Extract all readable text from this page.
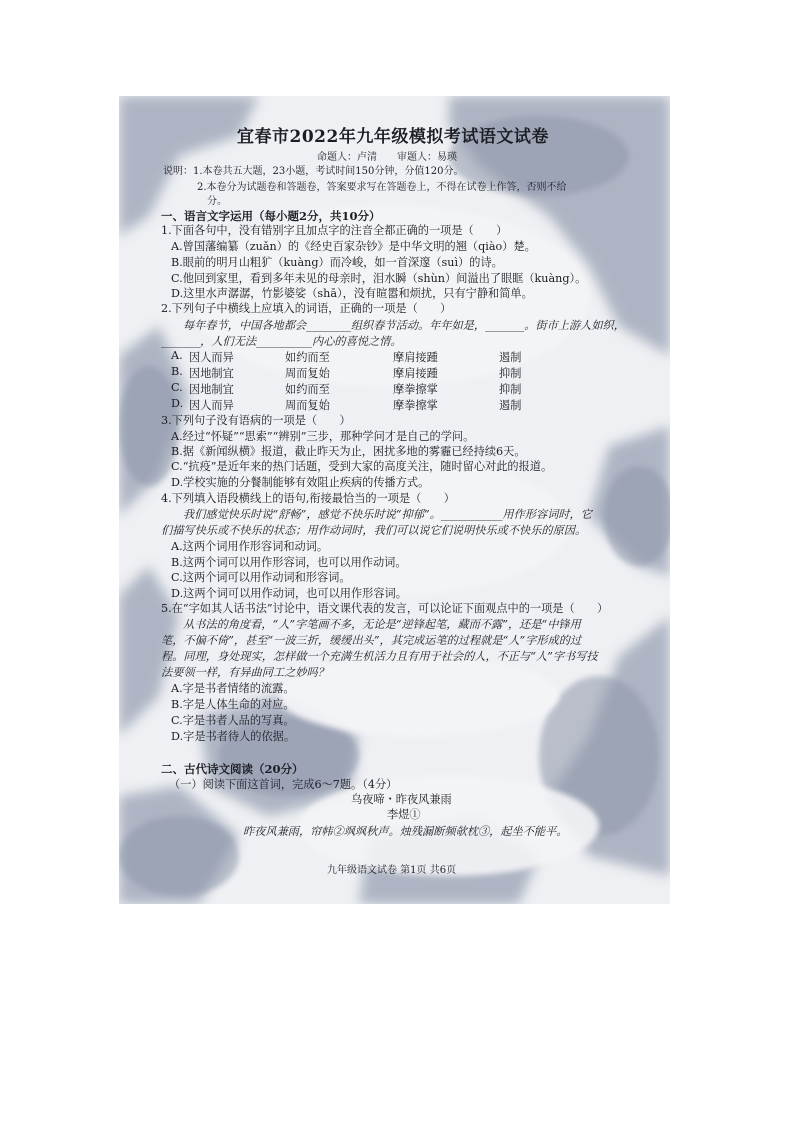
宜春市2022年九年级模拟考试语文试卷
命题人：卢清　　审题人：易瑛
说明：1.本卷共五大题，23小题，考试时间150分钟，分值120分。
2.本卷分为试题卷和答题卷，答案要求写在答题卷上，不得在试卷上作答，否则不给
分。
一、语言文字运用（每小题2分，共10分）
1.下面各句中，没有错别字且加点字的注音全都正确的一项是（　　）
A.曾国藩编纂（zuǎn）的《经史百家杂钞》是中华文明的翘（qiào）楚。
B.眼前的明月山粗犷（kuàng）而冷峻，如一首深邃（suì）的诗。
C.他回到家里，看到多年未见的母亲时，泪水瞬（shùn）间溢出了眼眶（kuàng）。
D.这里水声潺潺，竹影婆娑（shā），没有暄嚣和烦扰，只有宁静和简单。
2.下列句子中横线上应填入的词语，正确的一项是（　　）
每年春节，中国各地都会________组织春节活动。年年如是，_______。街市上游人如织，
_______，人们无法__________内心的喜悦之情。
A. 因人而异	如约而至	摩肩接踵	遏制
B. 因地制宜	周而复始	摩肩接踵	抑制
C. 因地制宜	如约而至	摩拳擦掌	抑制
D. 因人而异	周而复始	摩拳擦掌	遏制
3.下列句子没有语病的一项是（　　）
A.经过“怀疑”“思索”“辨别”三步，那种学问才是自己的学问。
B.据《新闻纵横》报道，截止昨天为止，困扰多地的雾霾已经持续6天。
C.“抗疫”是近年来的热门话题，受到大家的高度关注，随时留心对此的报道。
D.学校实施的分餐制能够有效阻止疾病的传播方式。
4.下列填入语段横线上的语句,衔接最恰当的一项是（　　）
我们感觉快乐时说“舒畅”，感觉不快乐时说“抑郁”。___________用作形容词时，它
们描写快乐或不快乐的状态；用作动词时，我们可以说它们说明快乐或不快乐的原因。
A.这两个词用作形容词和动词。
B.这两个词可以用作形容词，也可以用作动词。
C.这两个词可以用作动词和形容词。
D.这两个词可以用作动词，也可以用作形容词。
5.在“字如其人话书法”讨论中，语文课代表的发言，可以论证下面观点中的一项是（　　）
从书法的角度看，“人”字笔画不多，无论是“逆锋起笔，藏而不露”，还是“中锋用
笔，不偏不倚”，甚至“一波三折，缓缓出头”，其完成运笔的过程就是“人”字形成的过
程。同理，身处现实，怎样做一个充满生机活力且有用于社会的人，不正与“人”字书写技
法要领一样，有异曲同工之妙吗？
A.字是书者情绪的流露。
B.字是人体生命的对应。
C.字是书者人品的写真。
D.字是书者待人的依据。
二、古代诗文阅读（20分）
（一）阅读下面这首词，完成6～7题。（4分）
乌夜啼・昨夜风兼雨
李煜①
昨夜风兼雨，帘帏②飒飒秋声。烛残漏断频欹枕③，起坐不能平。
九年级语文试卷 第1页 共6页
